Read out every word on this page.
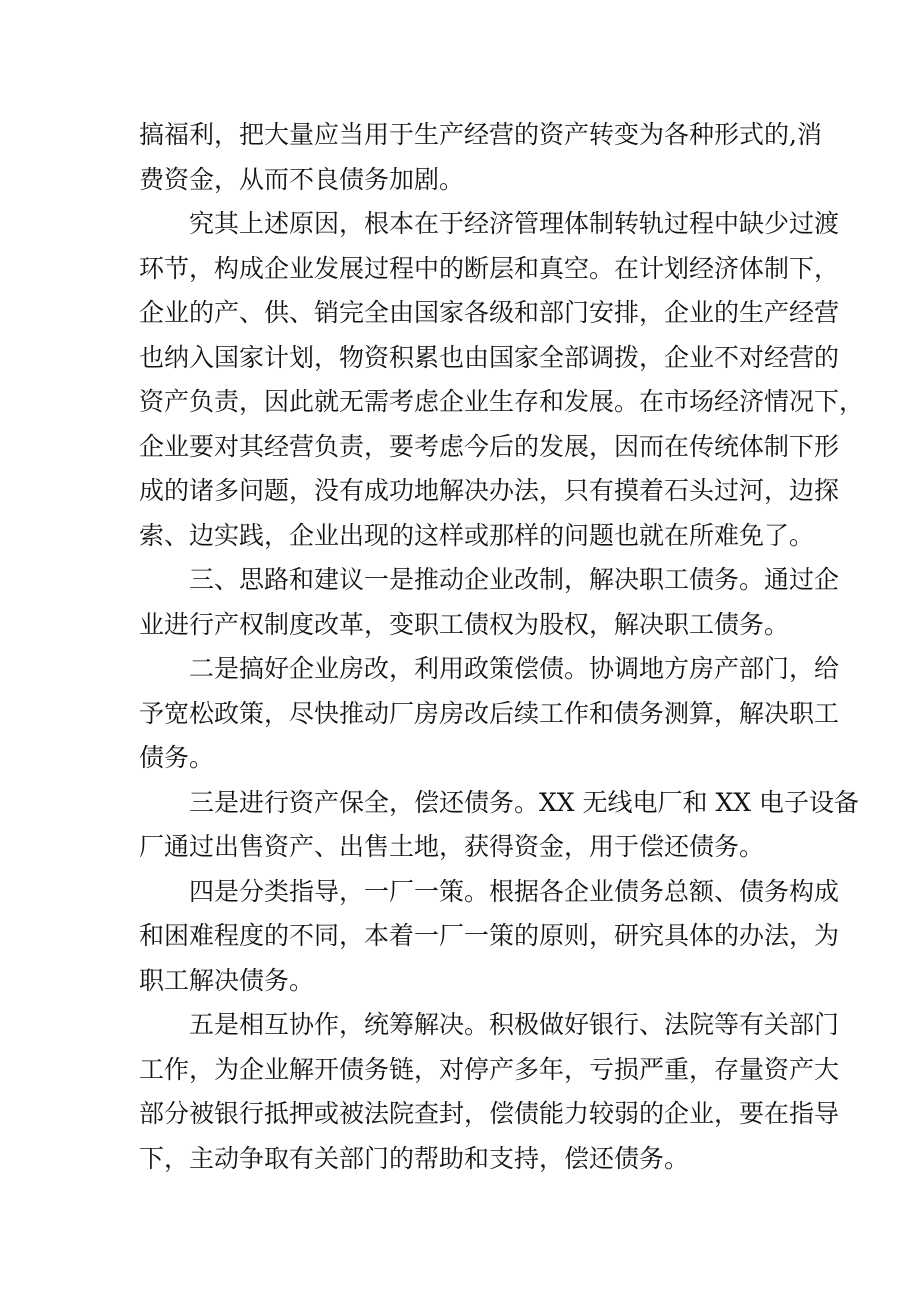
搞福利，把大量应当用于生产经营的资产转变为各种形式的,消
费资金，从而不良债务加剧。

究其上述原因，根本在于经济管理体制转轨过程中缺少过渡
环节，构成企业发展过程中的断层和真空。在计划经济体制下，
企业的产、供、销完全由国家各级和部门安排，企业的生产经营
也纳入国家计划，物资积累也由国家全部调拨，企业不对经营的
资产负责，因此就无需考虑企业生存和发展。在市场经济情况下，
企业要对其经营负责，要考虑今后的发展，因而在传统体制下形
成的诸多问题，没有成功地解决办法，只有摸着石头过河，边探
索、边实践，企业出现的这样或那样的问题也就在所难免了。

三、思路和建议一是推动企业改制，解决职工债务。通过企
业进行产权制度改革，变职工债权为股权，解决职工债务。

二是搞好企业房改，利用政策偿债。协调地方房产部门，给
予宽松政策，尽快推动厂房房改后续工作和债务测算，解决职工
债务。

三是进行资产保全，偿还债务。XX 无线电厂和 XX 电子设备
厂通过出售资产、出售土地，获得资金，用于偿还债务。

四是分类指导，一厂一策。根据各企业债务总额、债务构成
和困难程度的不同，本着一厂一策的原则，研究具体的办法，为
职工解决债务。

五是相互协作，统筹解决。积极做好银行、法院等有关部门
工作，为企业解开债务链，对停产多年，亏损严重，存量资产大
部分被银行抵押或被法院查封，偿债能力较弱的企业，要在指导
下，主动争取有关部门的帮助和支持，偿还债务。
